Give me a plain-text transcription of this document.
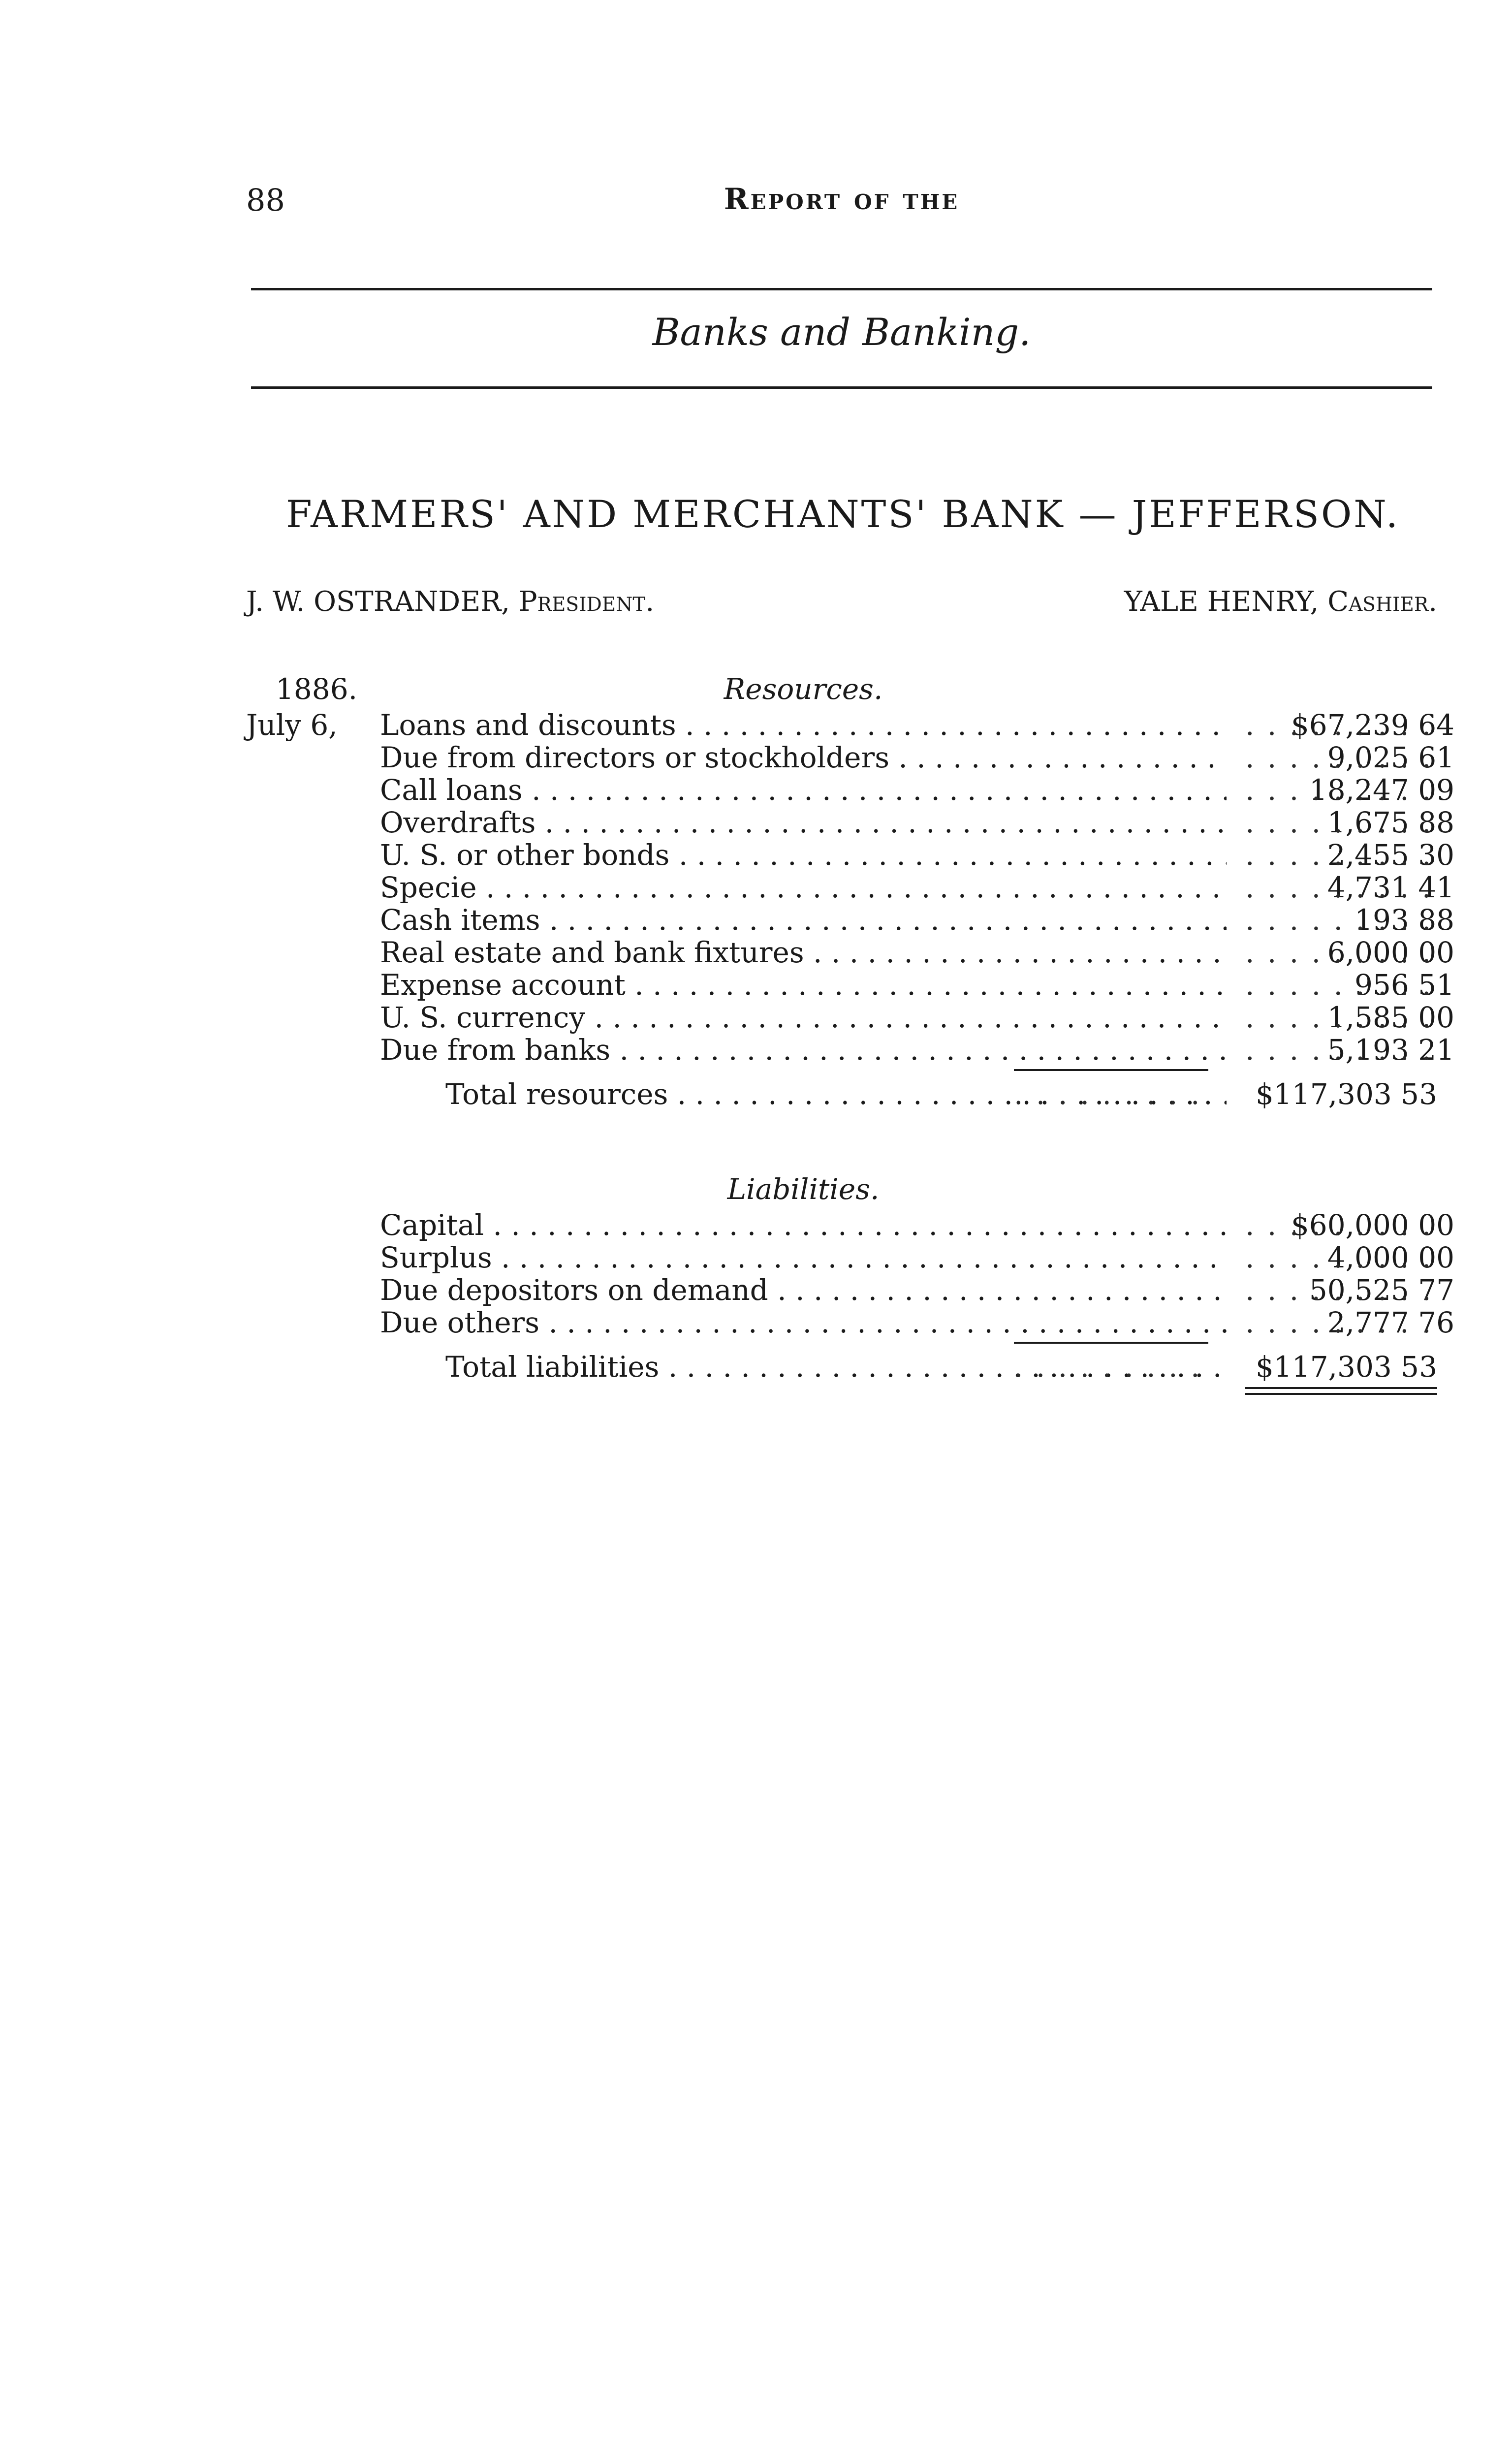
88	Report of the
Banks and Banking.
FARMERS' AND MERCHANTS' BANK — JEFFERSON.
J. W. OSTRANDER, President.	YALE HENRY, Cashier.
1886.	Resources.
July 6,	Loans and discounts . . .	$67,239 64
. . .
Due from directors or stockholders . . .	9,025 61
. . .
Call loans . . .	18,247 09
. . .
Overdrafts . . .	1,675 88
. . .
U. S. or other bonds . . .	2,455 30
. . .
Specie . . .	4,731 41
. . .
Cash items . . .	193 88
. . .
Real estate and bank fixtures . . .	6,000 00
. . .
Expense account . . .	956 51
. . .
U. S. currency . . .	1,585 00
. . .
Due from banks . . .	5,193 21
. . .
Total resources . . . . . .	$117,303 53
Liabilities.
Capital . . .	$60,000 00
. . .
Surplus . . .	4,000 00
. . .
Due depositors on demand . . .	50,525 77
. . .
Due others . . .	2,777 76
. . .
Total liabilities . . . . . .	$117,303 53
